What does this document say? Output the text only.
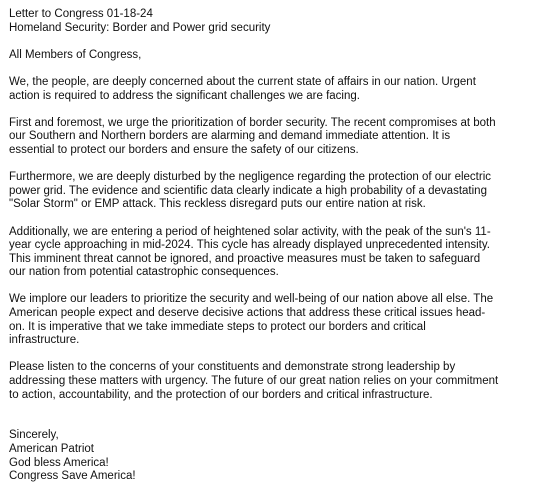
Letter to Congress 01-18-24
Homeland Security: Border and Power grid security

All Members of Congress,

We, the people, are deeply concerned about the current state of affairs in our nation. Urgent
action is required to address the significant challenges we are facing.

First and foremost, we urge the prioritization of border security. The recent compromises at both
our Southern and Northern borders are alarming and demand immediate attention. It is
essential to protect our borders and ensure the safety of our citizens.

Furthermore, we are deeply disturbed by the negligence regarding the protection of our electric
power grid. The evidence and scientific data clearly indicate a high probability of a devastating
"Solar Storm" or EMP attack. This reckless disregard puts our entire nation at risk.

Additionally, we are entering a period of heightened solar activity, with the peak of the sun's 11-
year cycle approaching in mid-2024. This cycle has already displayed unprecedented intensity.
This imminent threat cannot be ignored, and proactive measures must be taken to safeguard
our nation from potential catastrophic consequences.

We implore our leaders to prioritize the security and well-being of our nation above all else. The
American people expect and deserve decisive actions that address these critical issues head-
on. It is imperative that we take immediate steps to protect our borders and critical
infrastructure.

Please listen to the concerns of your constituents and demonstrate strong leadership by
addressing these matters with urgency. The future of our great nation relies on your commitment
to action, accountability, and the protection of our borders and critical infrastructure.

Sincerely,
American Patriot
God bless America!
Congress Save America!
